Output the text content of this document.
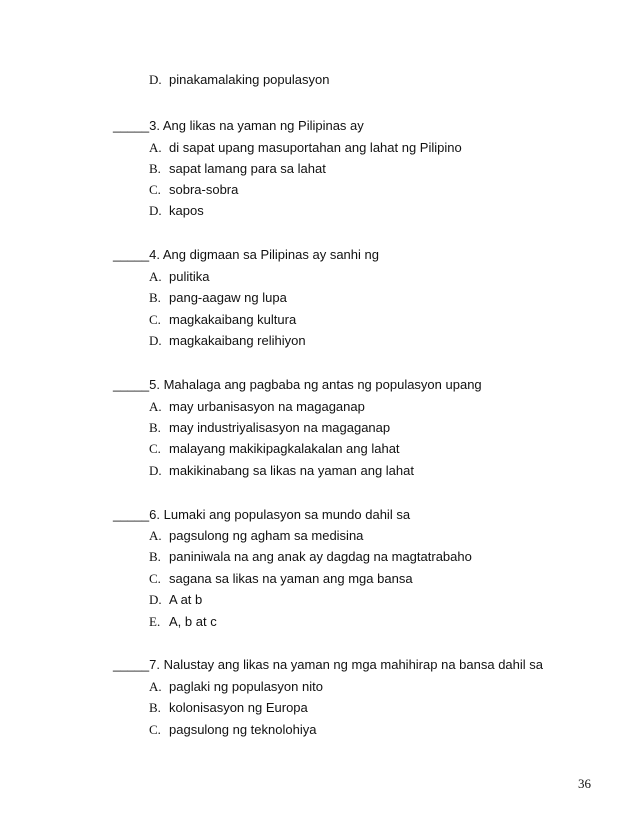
D. pinakamalaking populasyon
_____3. Ang likas na yaman ng Pilipinas ay
A. di sapat upang masuportahan ang lahat ng Pilipino
B. sapat lamang para sa lahat
C. sobra-sobra
D. kapos
_____4. Ang digmaan sa Pilipinas ay sanhi ng
A. pulitika
B. pang-aagaw ng lupa
C. magkakaibang kultura
D. magkakaibang relihiyon
_____5. Mahalaga ang pagbaba ng antas ng populasyon upang
A. may urbanisasyon na magaganap
B. may industriyalisasyon na magaganap
C. malayang makikipagkalakalan ang lahat
D. makikinabang sa likas na yaman ang lahat
_____6. Lumaki ang populasyon sa mundo dahil sa
A. pagsulong ng agham sa medisina
B. paniniwala na ang anak ay dagdag na magtatrabaho
C. sagana sa likas na yaman ang mga bansa
D. A at b
E. A, b at c
_____7. Nalustay ang likas na yaman ng mga mahihirap na bansa dahil sa
A. paglaki ng populasyon nito
B. kolonisasyon ng Europa
C. pagsulong ng teknolohiya
36
